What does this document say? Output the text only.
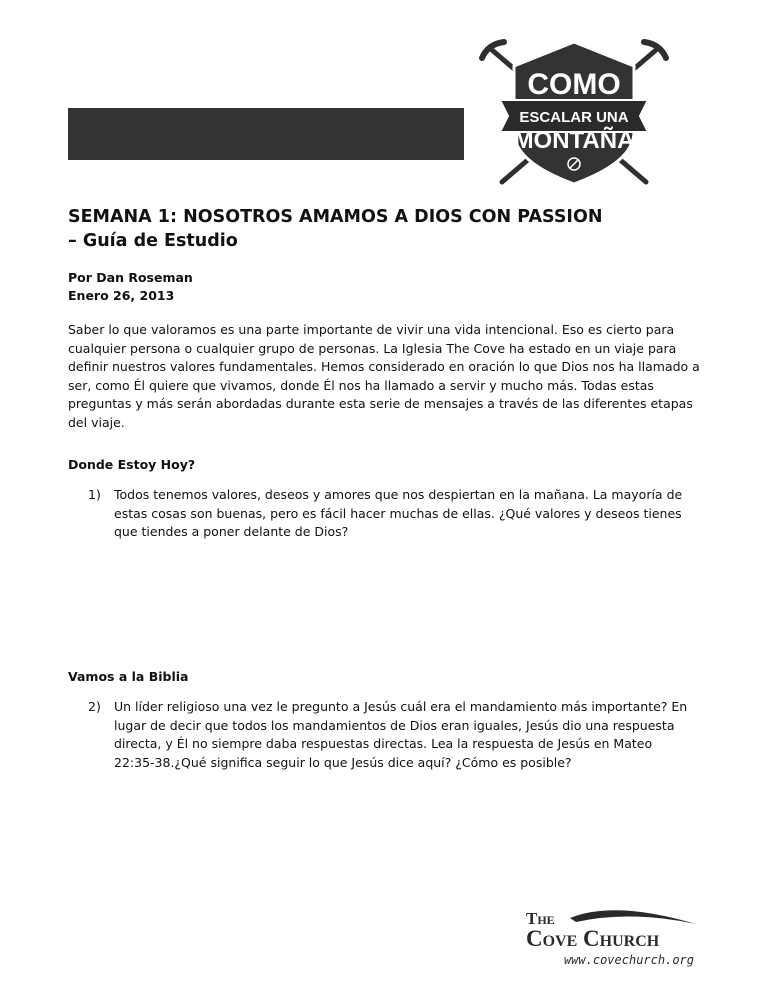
COMO
ESCALAR UNA
MONTAÑA
SEMANA 1: NOSOTROS AMAMOS A DIOS CON PASSION
– Guía de Estudio
Por Dan Roseman
Enero 26, 2013

Saber lo que valoramos es una parte importante de vivir una vida intencional. Eso es cierto para cualquier persona o cualquier grupo de personas. La Iglesia The Cove ha estado en un viaje para definir nuestros valores fundamentales. Hemos considerado en oración lo que Dios nos ha llamado a ser, como Él quiere que vivamos, donde Él nos ha llamado a servir y mucho más. Todas estas preguntas y más serán abordadas durante esta serie de mensajes a través de las diferentes etapas del viaje.

Donde Estoy Hoy?
1)	Todos tenemos valores, deseos y amores que nos despiertan en la mañana. La mayoría de estas cosas son buenas, pero es fácil hacer muchas de ellas. ¿Qué valores y deseos tienes que tiendes a poner delante de Dios?
Vamos a la Biblia
2)	Un líder religioso una vez le pregunto a Jesús cuál era el mandamiento más importante? En lugar de decir que todos los mandamientos de Dios eran iguales, Jesús dio una respuesta directa, y Él no siempre daba respuestas directas. Lea la respuesta de Jesús en Mateo 22:35-38.¿Qué significa seguir lo que Jesús dice aquí? ¿Cómo es posible?
The
Cove Church
www.covechurch.org
